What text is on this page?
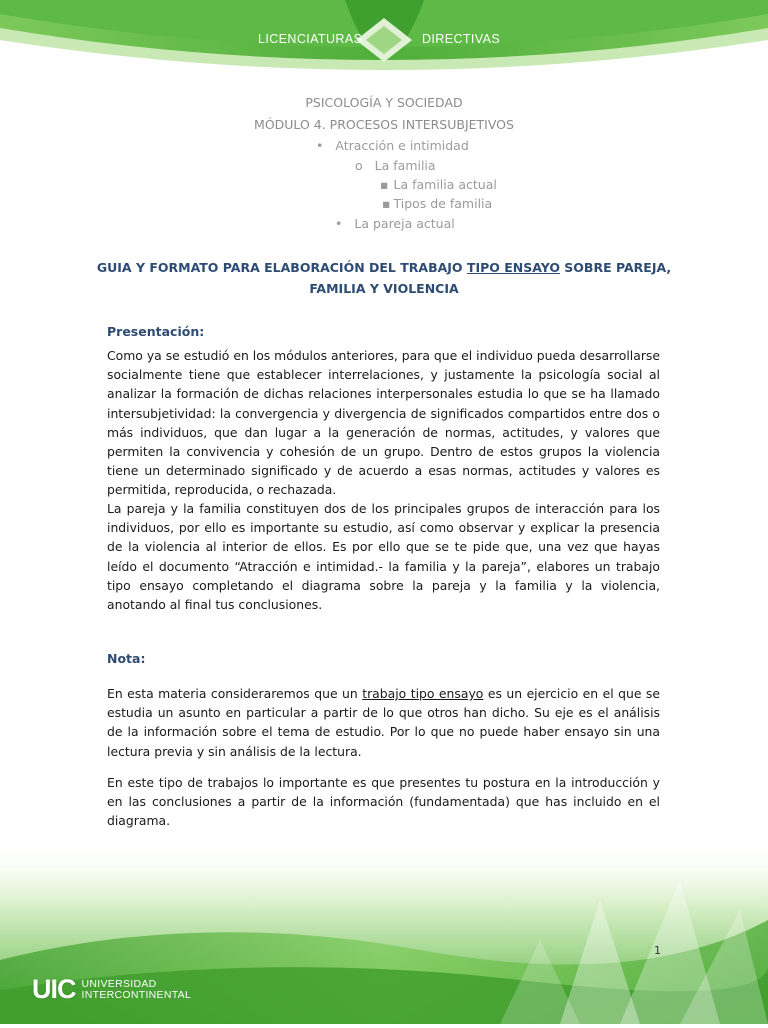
LICENCIATURAS	DIRECTIVAS
PSICOLOGÍA Y SOCIEDAD
MÓDULO 4. PROCESOS INTERSUBJETIVOS
• Atracción e intimidad
o La familia
▪ La familia actual
▪ Tipos de familia
• La pareja actual
GUIA Y FORMATO PARA ELABORACIÓN DEL TRABAJO TIPO ENSAYO SOBRE PAREJA,
FAMILIA Y VIOLENCIA
Presentación:
Como ya se estudió en los módulos anteriores, para que el individuo pueda desarrollarse socialmente tiene que establecer interrelaciones, y justamente la psicología social al analizar la formación de dichas relaciones interpersonales estudia lo que se ha llamado intersubjetividad: la convergencia y divergencia de significados compartidos entre dos o más individuos, que dan lugar a la generación de normas, actitudes, y valores que permiten la convivencia y cohesión de un grupo. Dentro de estos grupos la violencia tiene un determinado significado y de acuerdo a esas normas, actitudes y valores es permitida, reproducida, o rechazada.
La pareja y la familia constituyen dos de los principales grupos de interacción para los individuos, por ello es importante su estudio, así como observar y explicar la presencia de la violencia al interior de ellos. Es por ello que se te pide que, una vez que hayas leído el documento “Atracción e intimidad.- la familia y la pareja”, elabores un trabajo tipo ensayo completando el diagrama sobre la pareja y la familia y la violencia, anotando al final tus conclusiones.
Nota:
En esta materia consideraremos que un trabajo tipo ensayo es un ejercicio en el que se estudia un asunto en particular a partir de lo que otros han dicho. Su eje es el análisis de la información sobre el tema de estudio. Por lo que no puede haber ensayo sin una lectura previa y sin análisis de la lectura.
En este tipo de trabajos lo importante es que presentes tu postura en la introducción y en las conclusiones a partir de la información (fundamentada) que has incluido en el diagrama.
1
UIC UNIVERSIDAD
INTERCONTINENTAL
